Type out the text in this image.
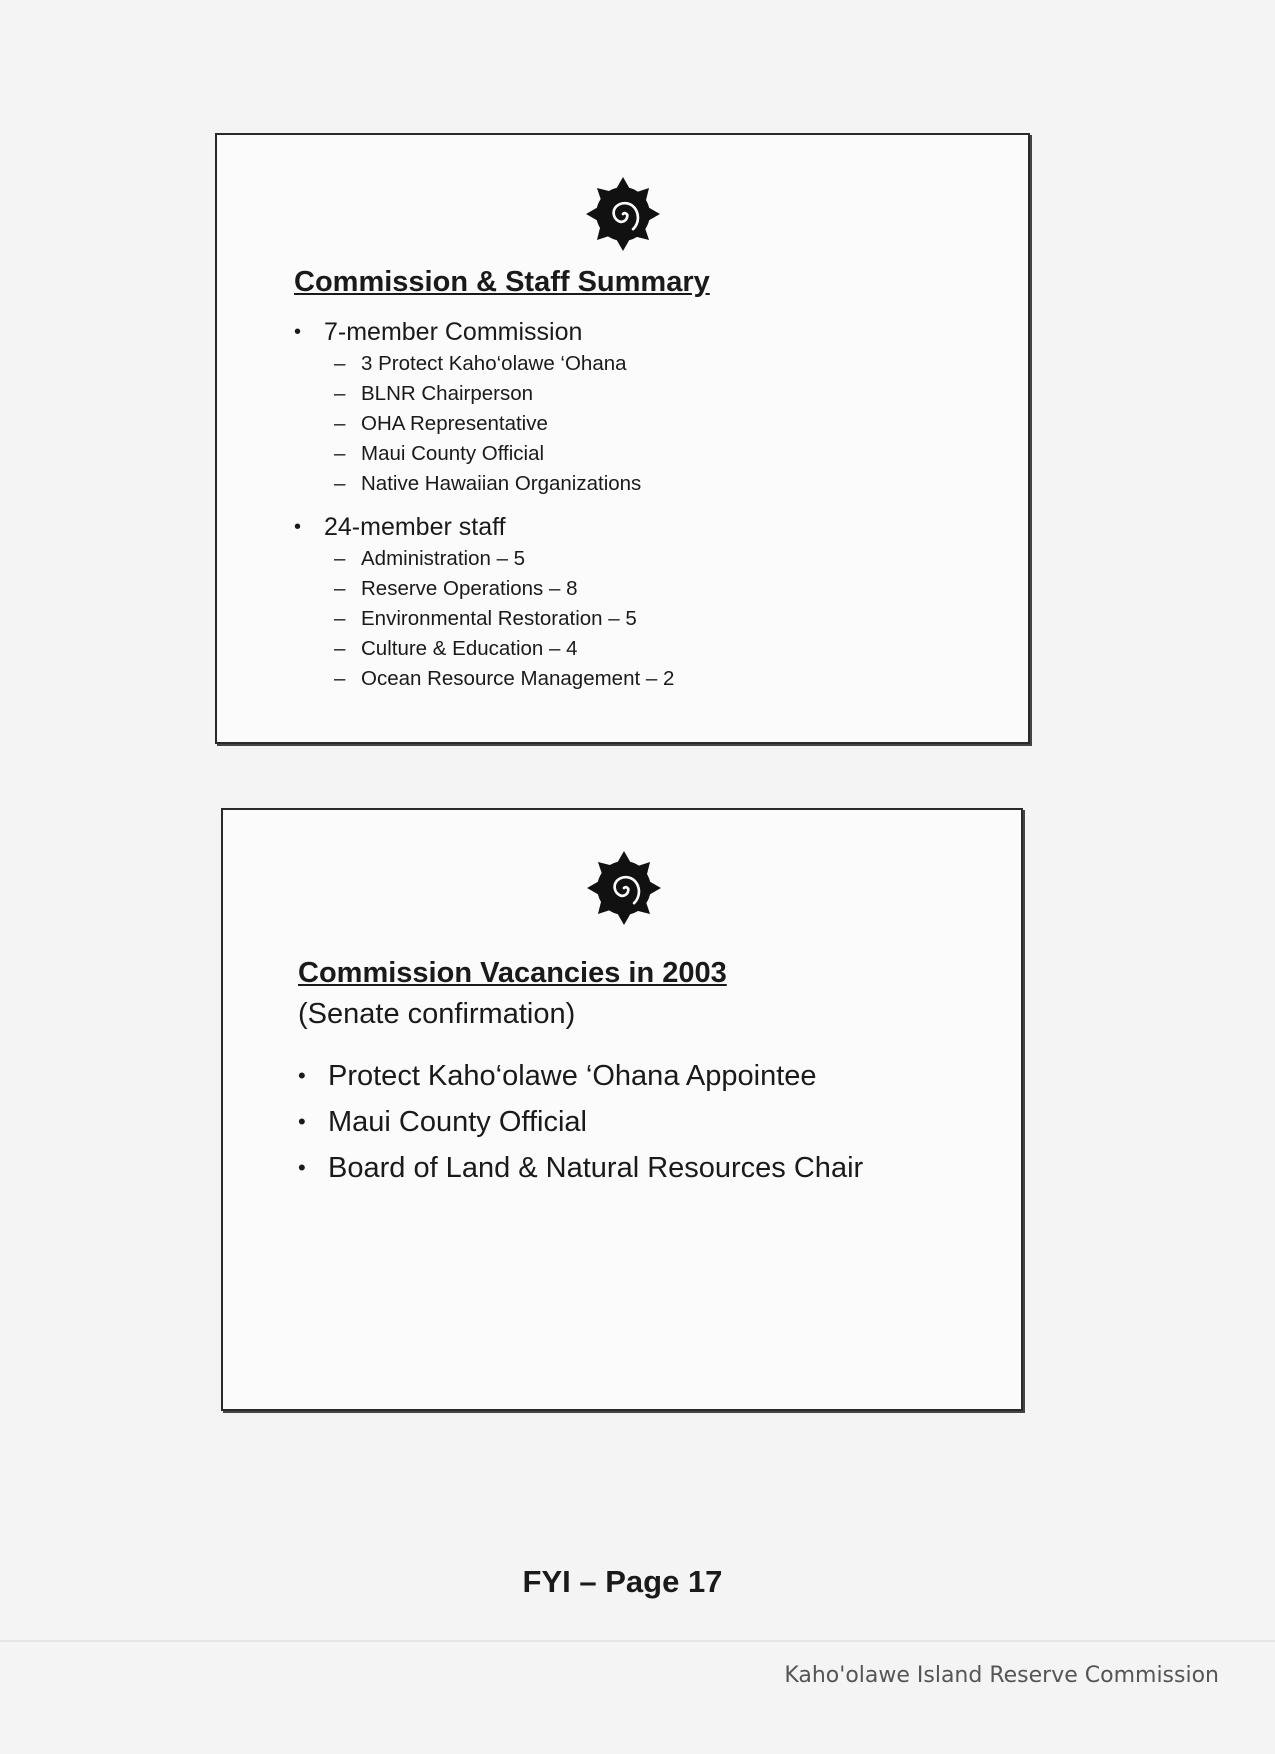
Commission & Staff Summary
• 7-member Commission
– 3 Protect Kaho‘olawe ‘Ohana
– BLNR Chairperson
– OHA Representative
– Maui County Official
– Native Hawaiian Organizations
• 24-member staff
– Administration – 5
– Reserve Operations – 8
– Environmental Restoration – 5
– Culture & Education – 4
– Ocean Resource Management – 2
Commission Vacancies in 2003

(Senate confirmation)

• Protect Kaho‘olawe ‘Ohana Appointee
• Maui County Official
• Board of Land & Natural Resources Chair

FYI – Page 17

Kaho'olawe Island Reserve Commission
